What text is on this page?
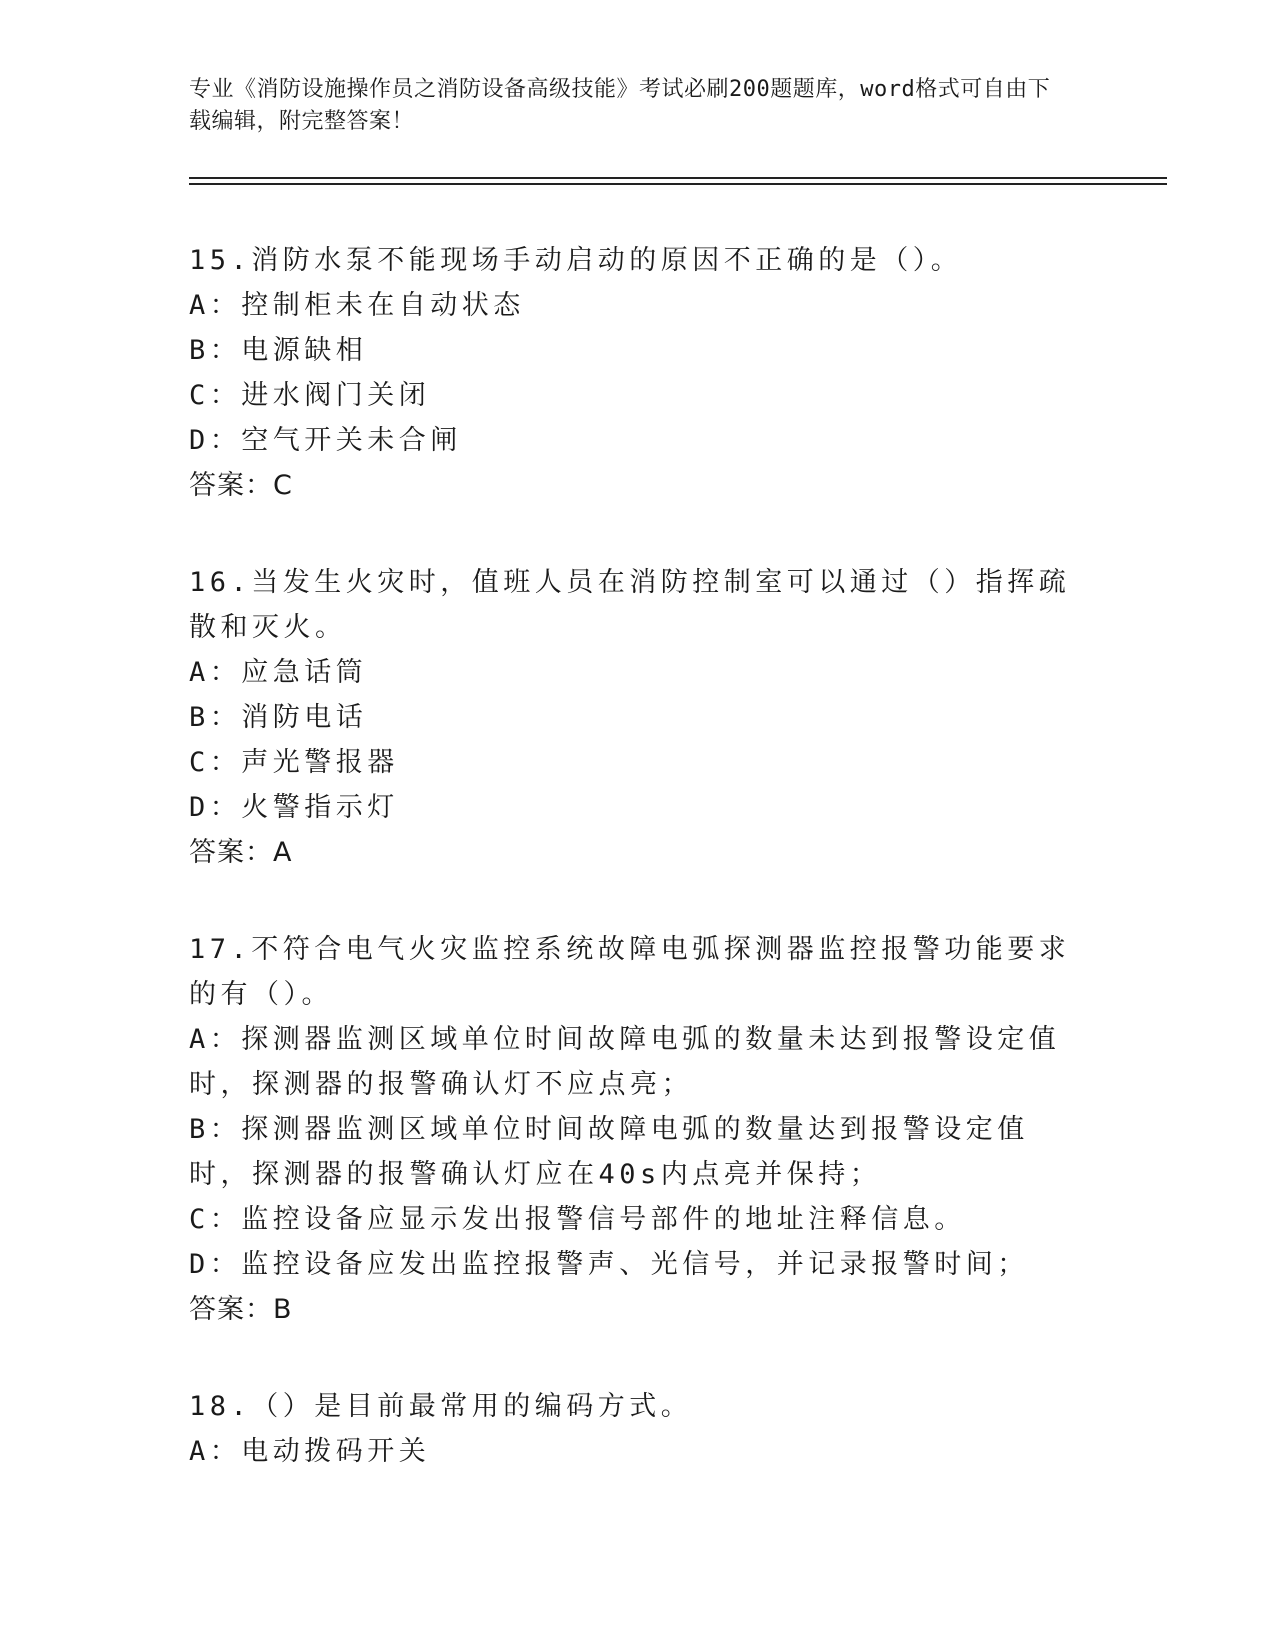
专业《消防设施操作员之消防设备高级技能》考试必刷200题题库，word格式可自由下载编辑，附完整答案！
15.消防水泵不能现场手动启动的原因不正确的是（）。
A：控制柜未在自动状态
B：电源缺相
C：进水阀门关闭
D：空气开关未合闸
答案：C
16.当发生火灾时，值班人员在消防控制室可以通过（）指挥疏散和灭火。
A：应急话筒
B：消防电话
C：声光警报器
D：火警指示灯
答案：A
17.不符合电气火灾监控系统故障电弧探测器监控报警功能要求的有（）。
A：探测器监测区域单位时间故障电弧的数量未达到报警设定值时，探测器的报警确认灯不应点亮；
B：探测器监测区域单位时间故障电弧的数量达到报警设定值时，探测器的报警确认灯应在40s内点亮并保持；
C：监控设备应显示发出报警信号部件的地址注释信息。
D：监控设备应发出监控报警声、光信号，并记录报警时间；
答案：B
18.（）是目前最常用的编码方式。
A：电动拨码开关
